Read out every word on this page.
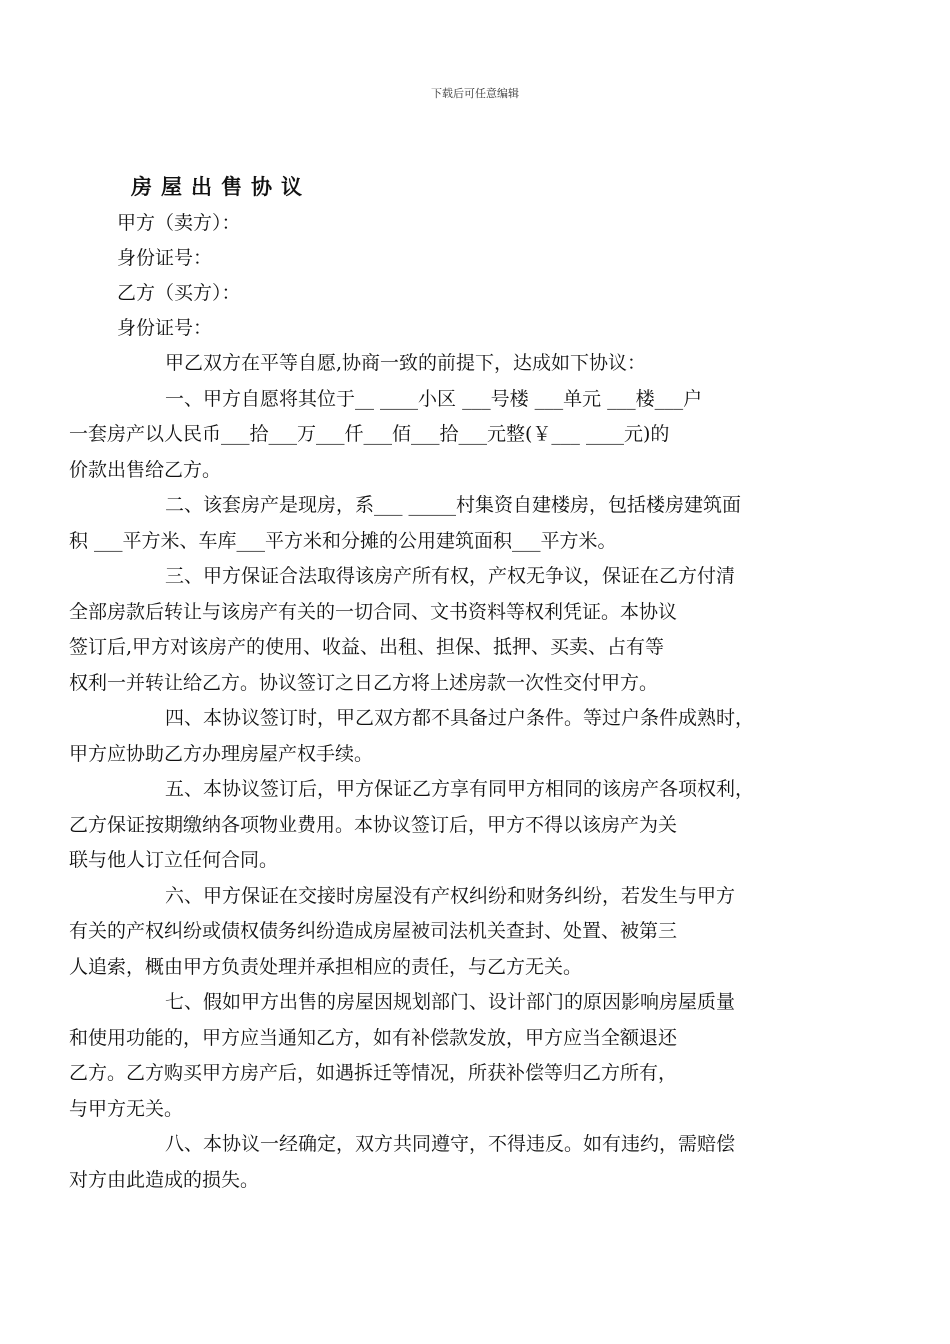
下载后可任意编辑
房屋出售协议

甲方（卖方）：

身份证号：

乙方（买方）：

身份证号：

甲乙双方在平等自愿,协商一致的前提下，达成如下协议：

一、甲方自愿将其位于__ ____小区 ___号楼 ___单元 ___楼___户
一套房产以人民币___拾___万___仟___佰___拾___元整(￥___ ____元)的
价款出售给乙方。

二、该套房产是现房，系___ _____村集资自建楼房，包括楼房建筑面
积 ___平方米、车库___平方米和分摊的公用建筑面积___平方米。

三、甲方保证合法取得该房产所有权，产权无争议，保证在乙方付清
全部房款后转让与该房产有关的一切合同、文书资料等权利凭证。本协议
签订后,甲方对该房产的使用、收益、出租、担保、抵押、买卖、占有等
权利一并转让给乙方。协议签订之日乙方将上述房款一次性交付甲方。

四、本协议签订时，甲乙双方都不具备过户条件。等过户条件成熟时，
甲方应协助乙方办理房屋产权手续。

五、本协议签订后，甲方保证乙方享有同甲方相同的该房产各项权利，
乙方保证按期缴纳各项物业费用。本协议签订后，甲方不得以该房产为关
联与他人订立任何合同。

六、甲方保证在交接时房屋没有产权纠纷和财务纠纷，若发生与甲方
有关的产权纠纷或债权债务纠纷造成房屋被司法机关查封、处置、被第三
人追索，概由甲方负责处理并承担相应的责任，与乙方无关。

七、假如甲方出售的房屋因规划部门、设计部门的原因影响房屋质量
和使用功能的，甲方应当通知乙方，如有补偿款发放，甲方应当全额退还
乙方。乙方购买甲方房产后，如遇拆迁等情况，所获补偿等归乙方所有，
与甲方无关。

八、本协议一经确定，双方共同遵守，不得违反。如有违约，需赔偿
对方由此造成的损失。
